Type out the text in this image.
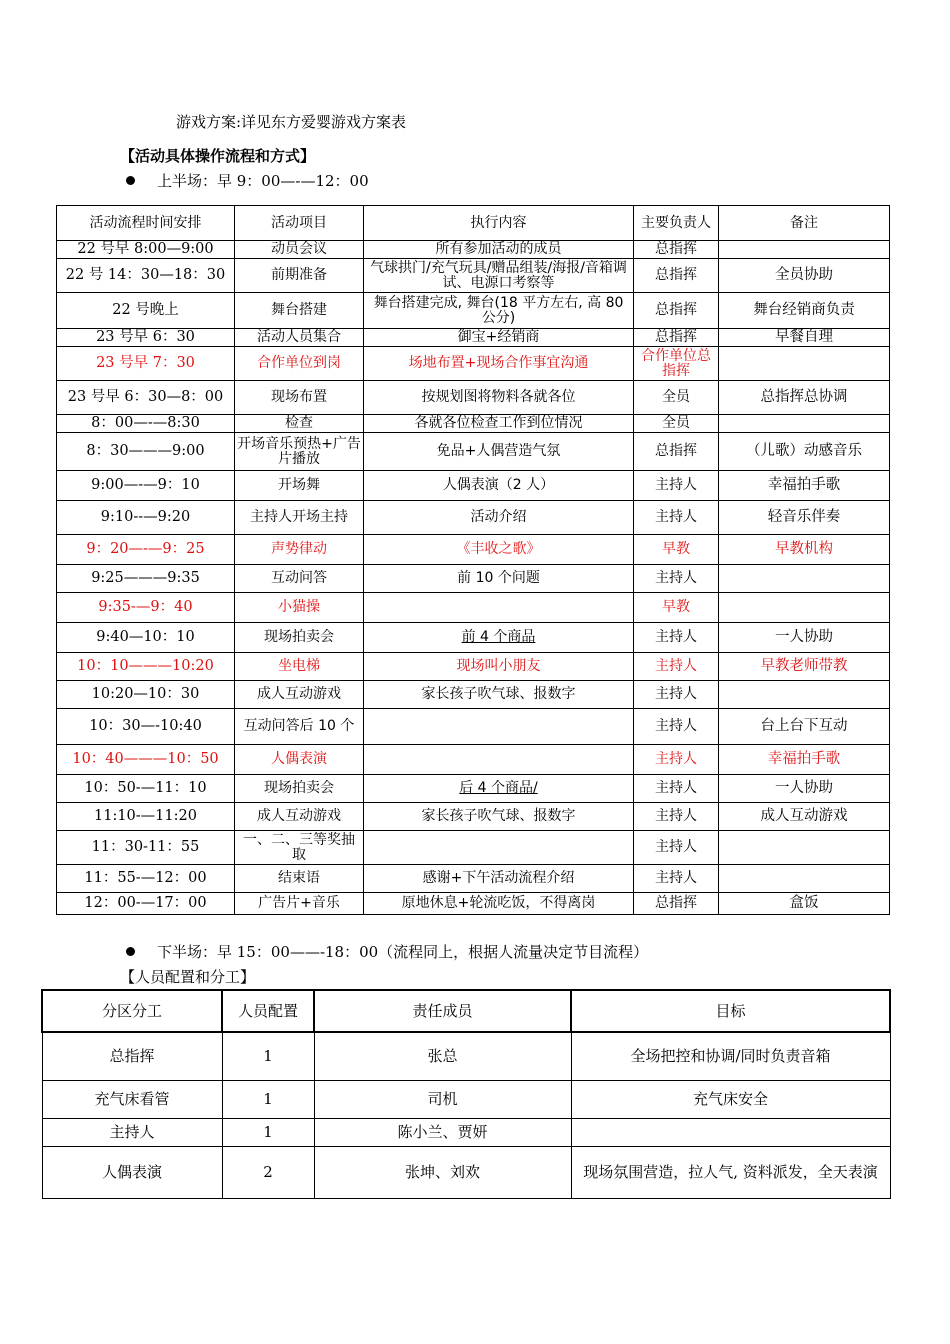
游戏方案:详见东方爱婴游戏方案表
【活动具体操作流程和方式】
上半场：早 9：00—-—12：00
活动流程时间安排	活动项目	执行内容	主要负责人	备注
22 号早 8:00—9:00	动员会议	所有参加活动的成员	总指挥	
22 号 14：30—18：30	前期准备	气球拱门/充气玩具/赠品组装/海报/音箱调试、电源口考察等	总指挥	全员协助
22 号晚上	舞台搭建	舞台搭建完成, 舞台(18 平方左右, 高 80 公分)	总指挥	舞台经销商负责
23 号早 6：30	活动人员集合	御宝+经销商	总指挥	早餐自理
23 号早 7：30	合作单位到岗	场地布置+现场合作事宜沟通	合作单位总指挥	
23 号早 6：30—8：00	现场布置	按规划图将物料各就各位	全员	总指挥总协调
8：00—-—8:30	检查	各就各位检查工作到位情况	全员	
8：30———9:00	开场音乐预热+广告片播放	免品+人偶营造气氛	总指挥	（儿歌）动感音乐
9:00—-—9：10	开场舞	人偶表演（2 人）	主持人	幸福拍手歌
9:10--—9:20	主持人开场主持	活动介绍	主持人	轻音乐伴奏
9：20—-—9：25	声势律动	《丰收之歌》	早教	早教机构
9:25———9:35	互动问答	前 10 个问题	主持人	
9:35-—9：40	小猫操		早教	
9:40—10：10	现场拍卖会	前 4 个商品	主持人	一人协助
10：10———10:20	坐电梯	现场叫小朋友	主持人	早教老师带教
10:20—10：30	成人互动游戏	家长孩子吹气球、报数字	主持人	
10：30—-10:40	互动问答后 10 个		主持人	台上台下互动
10：40———10：50	人偶表演		主持人	幸福拍手歌
10：50-—11：10	现场拍卖会	后 4 个商品/	主持人	一人协助
11:10-—11:20	成人互动游戏	家长孩子吹气球、报数字	主持人	成人互动游戏
11：30-11：55	一、二、三等奖抽取		主持人	
11：55-—12：00	结束语	感谢+下午活动流程介绍	主持人	
12：00-—17：00	广告片+音乐	原地休息+轮流吃饭，不得离岗	总指挥	盒饭
下半场：早 15：00——-18：00（流程同上，根据人流量决定节目流程）
【人员配置和分工】
分区分工	人员配置	责任成员	目标
总指挥	1	张总	全场把控和协调/同时负责音箱
充气床看管	1	司机	充气床安全
主持人	1	陈小兰、贾妍	
人偶表演	2	张坤、刘欢	现场氛围营造，拉人气, 资料派发，全天表演
